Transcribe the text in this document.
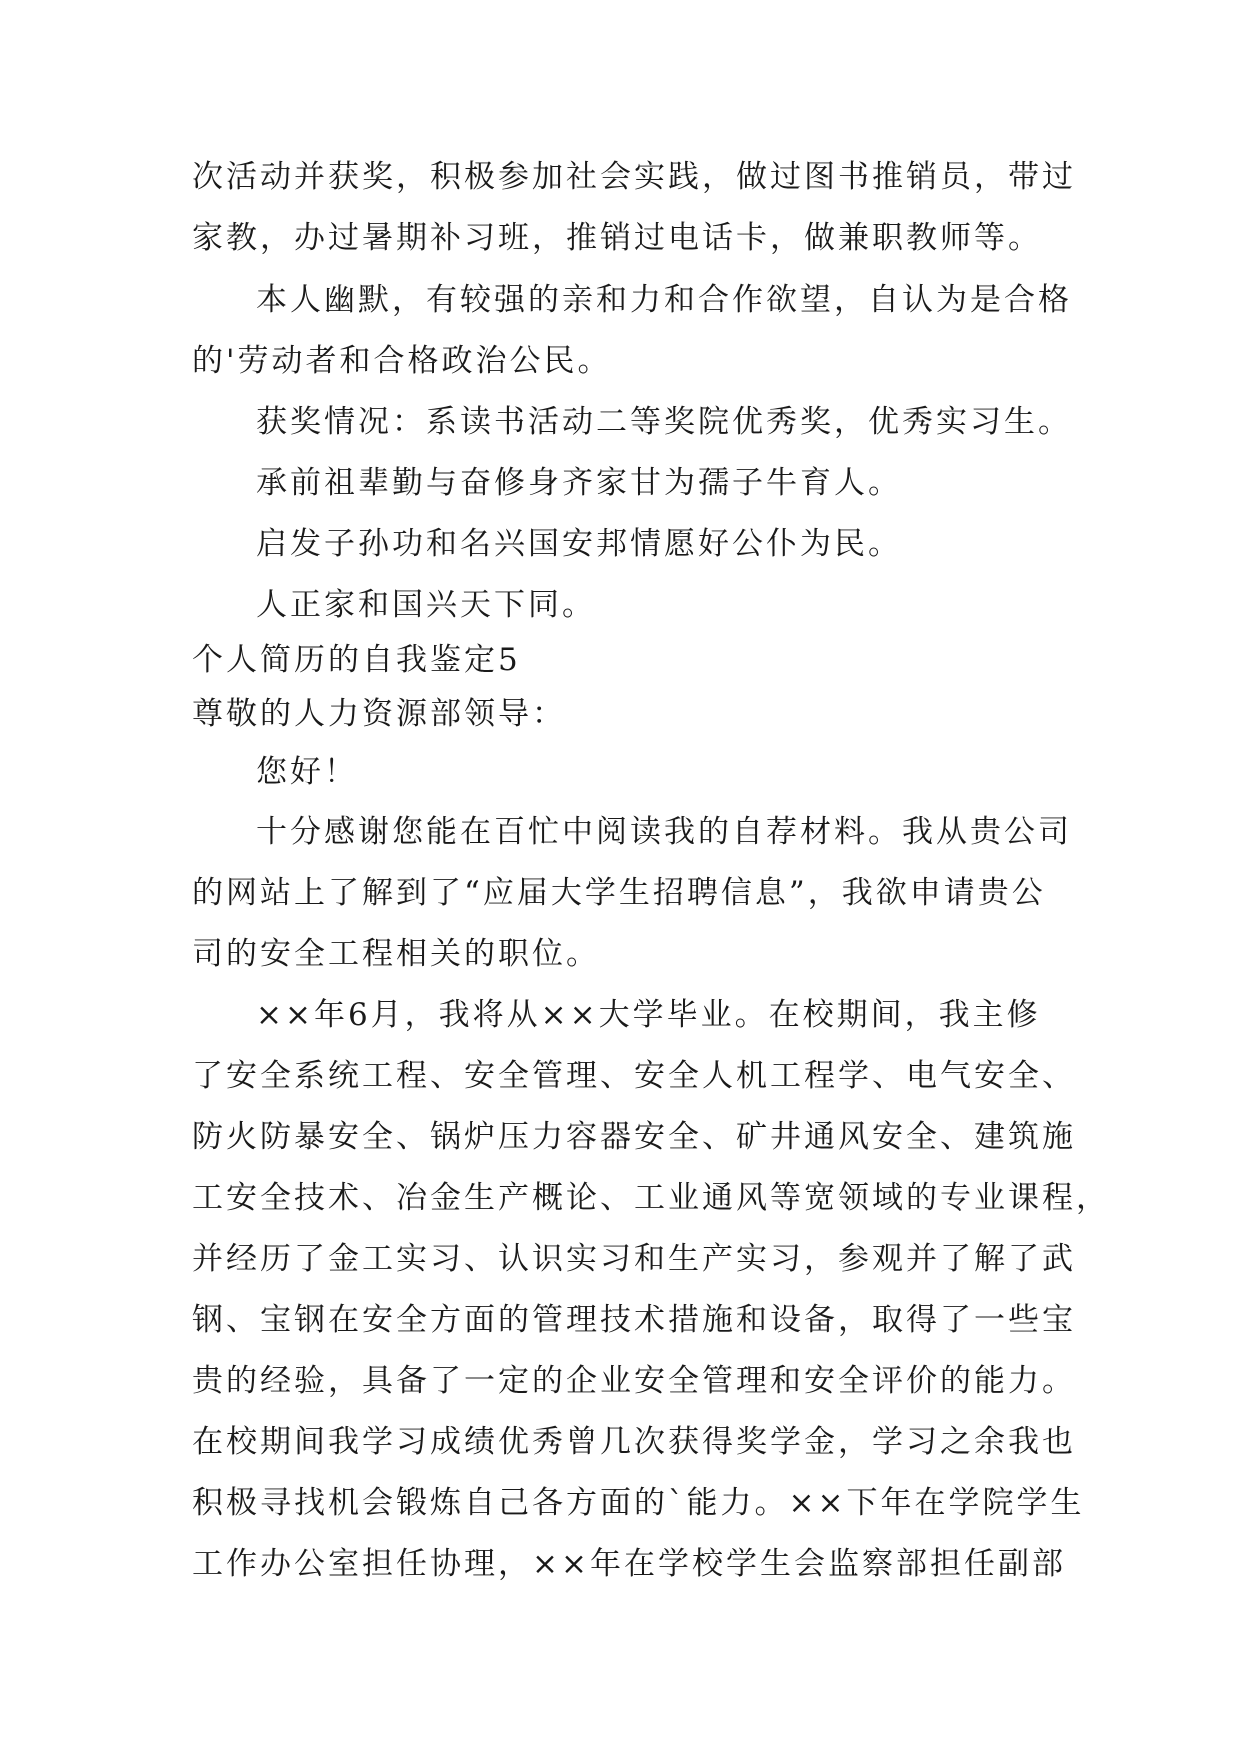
次活动并获奖，积极参加社会实践，做过图书推销员，带过
家教，办过暑期补习班，推销过电话卡，做兼职教师等。
本人幽默，有较强的亲和力和合作欲望，自认为是合格
的'劳动者和合格政治公民。
获奖情况：系读书活动二等奖院优秀奖，优秀实习生。
承前祖辈勤与奋修身齐家甘为孺子牛育人。
启发子孙功和名兴国安邦情愿好公仆为民。
人正家和国兴天下同。
个人简历的自我鉴定5
尊敬的人力资源部领导：
您好！
十分感谢您能在百忙中阅读我的自荐材料。我从贵公司
的网站上了解到了“应届大学生招聘信息”，我欲申请贵公
司的安全工程相关的职位。
××年6月，我将从××大学毕业。在校期间，我主修
了安全系统工程、安全管理、安全人机工程学、电气安全、
防火防暴安全、锅炉压力容器安全、矿井通风安全、建筑施
工安全技术、冶金生产概论、工业通风等宽领域的专业课程，
并经历了金工实习、认识实习和生产实习，参观并了解了武
钢、宝钢在安全方面的管理技术措施和设备，取得了一些宝
贵的经验，具备了一定的企业安全管理和安全评价的能力。
在校期间我学习成绩优秀曾几次获得奖学金，学习之余我也
积极寻找机会锻炼自己各方面的`能力。××下年在学院学生
工作办公室担任协理，××年在学校学生会监察部担任副部
